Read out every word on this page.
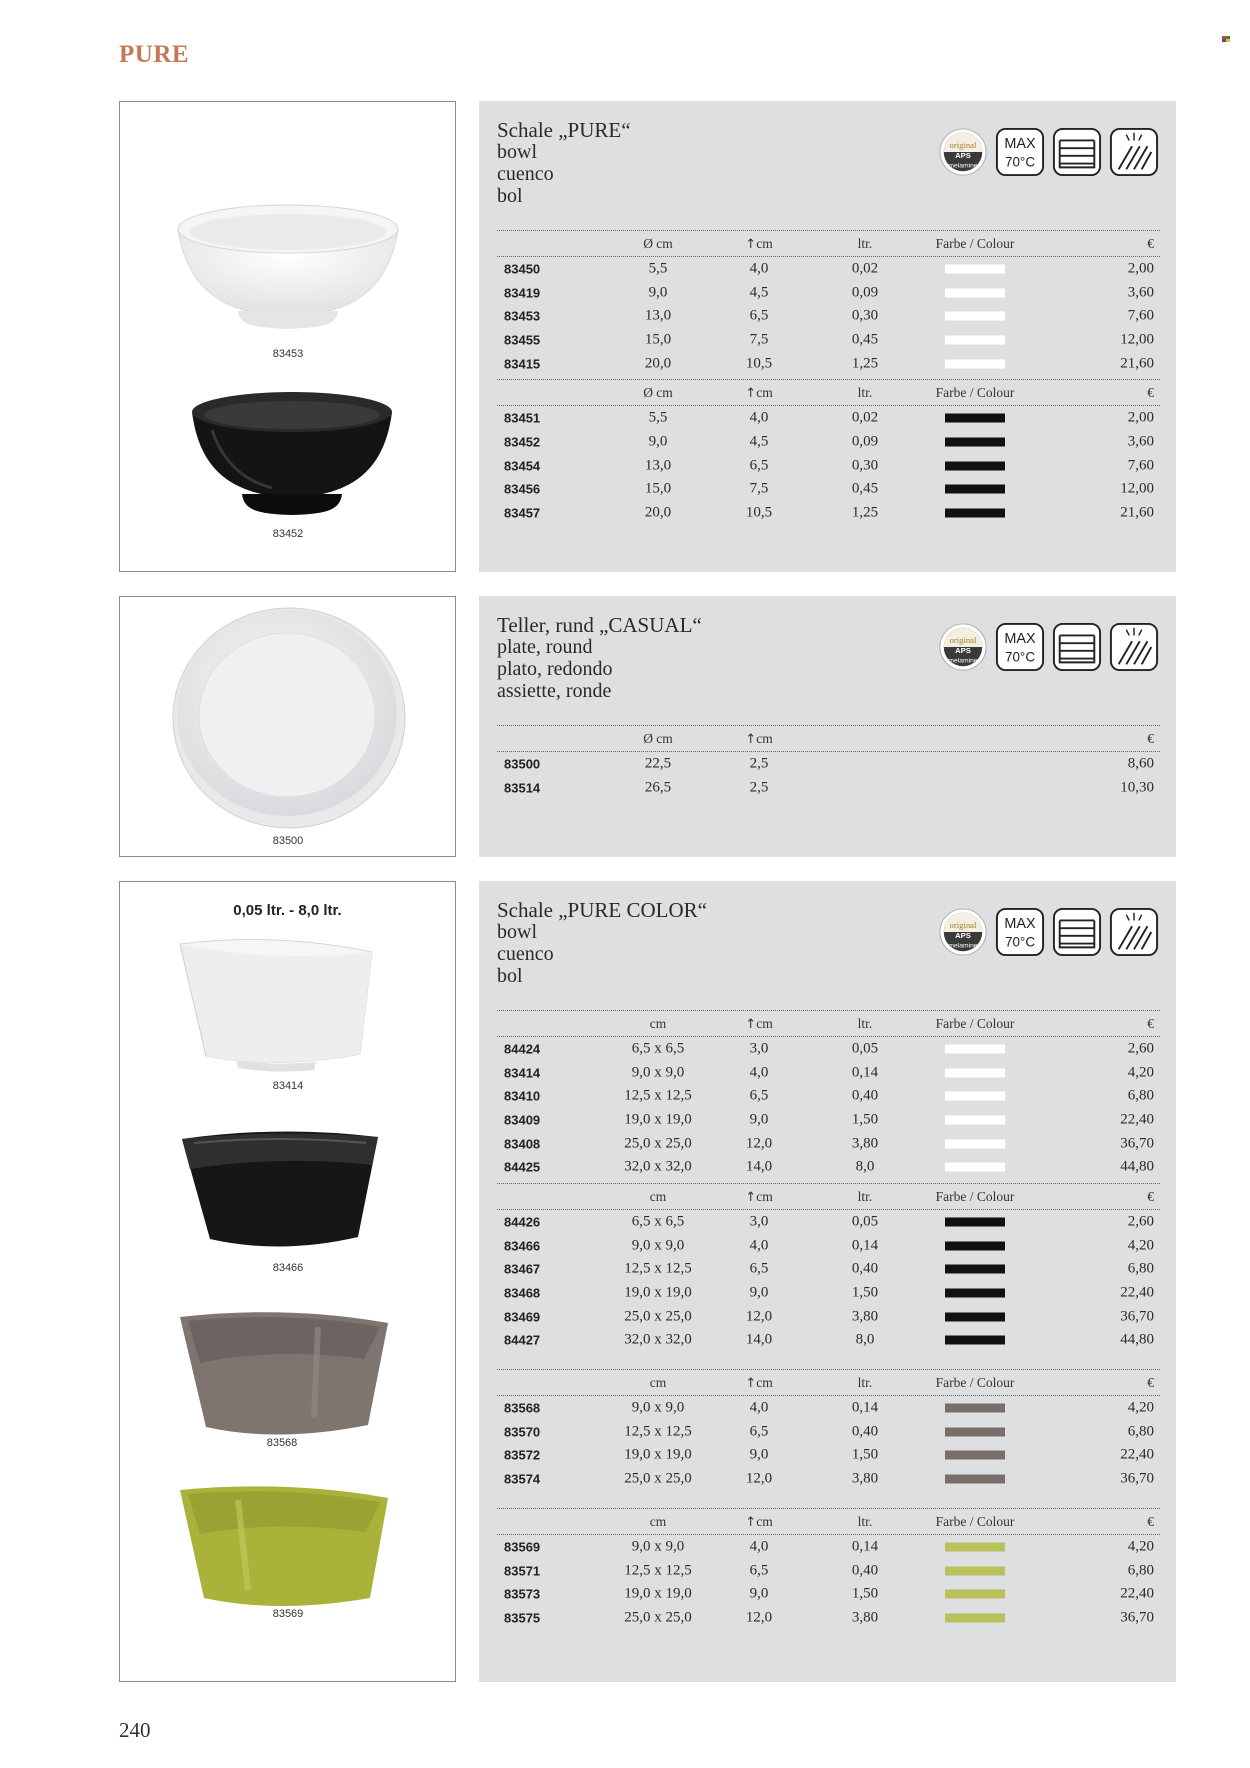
PURE
83453
83452
Schale „PURE“
bowl
cuenco
bol
original
APS
melamine
MAX
70°C
Ø cm	↑cm	ltr.	Farbe / Colour	€
83450	5,5	4,0	0,02	2,00
83419	9,0	4,5	0,09	3,60
83453	13,0	6,5	0,30	7,60
83455	15,0	7,5	0,45	12,00
83415	20,0	10,5	1,25	21,60
Ø cm	↑cm	ltr.	Farbe / Colour	€
83451	5,5	4,0	0,02	2,00
83452	9,0	4,5	0,09	3,60
83454	13,0	6,5	0,30	7,60
83456	15,0	7,5	0,45	12,00
83457	20,0	10,5	1,25	21,60
83500
Teller, rund „CASUAL“
plate, round
plato, redondo
assiette, ronde
original
APS
melamine
MAX
70°C
Ø cm	↑cm	€
83500	22,5	2,5	8,60
83514	26,5	2,5	10,30
0,05 ltr. - 8,0 ltr.
83414
83466
83568
83569
Schale „PURE COLOR“
bowl
cuenco
bol
original
APS
melamine
MAX
70°C
cm	↑cm	ltr.	Farbe / Colour	€
84424	6,5 x 6,5	3,0	0,05	2,60
83414	9,0 x 9,0	4,0	0,14	4,20
83410	12,5 x 12,5	6,5	0,40	6,80
83409	19,0 x 19,0	9,0	1,50	22,40
83408	25,0 x 25,0	12,0	3,80	36,70
84425	32,0 x 32,0	14,0	8,0	44,80
cm	↑cm	ltr.	Farbe / Colour	€
84426	6,5 x 6,5	3,0	0,05	2,60
83466	9,0 x 9,0	4,0	0,14	4,20
83467	12,5 x 12,5	6,5	0,40	6,80
83468	19,0 x 19,0	9,0	1,50	22,40
83469	25,0 x 25,0	12,0	3,80	36,70
84427	32,0 x 32,0	14,0	8,0	44,80
cm	↑cm	ltr.	Farbe / Colour	€
83568	9,0 x 9,0	4,0	0,14	4,20
83570	12,5 x 12,5	6,5	0,40	6,80
83572	19,0 x 19,0	9,0	1,50	22,40
83574	25,0 x 25,0	12,0	3,80	36,70
cm	↑cm	ltr.	Farbe / Colour	€
83569	9,0 x 9,0	4,0	0,14	4,20
83571	12,5 x 12,5	6,5	0,40	6,80
83573	19,0 x 19,0	9,0	1,50	22,40
83575	25,0 x 25,0	12,0	3,80	36,70
240
